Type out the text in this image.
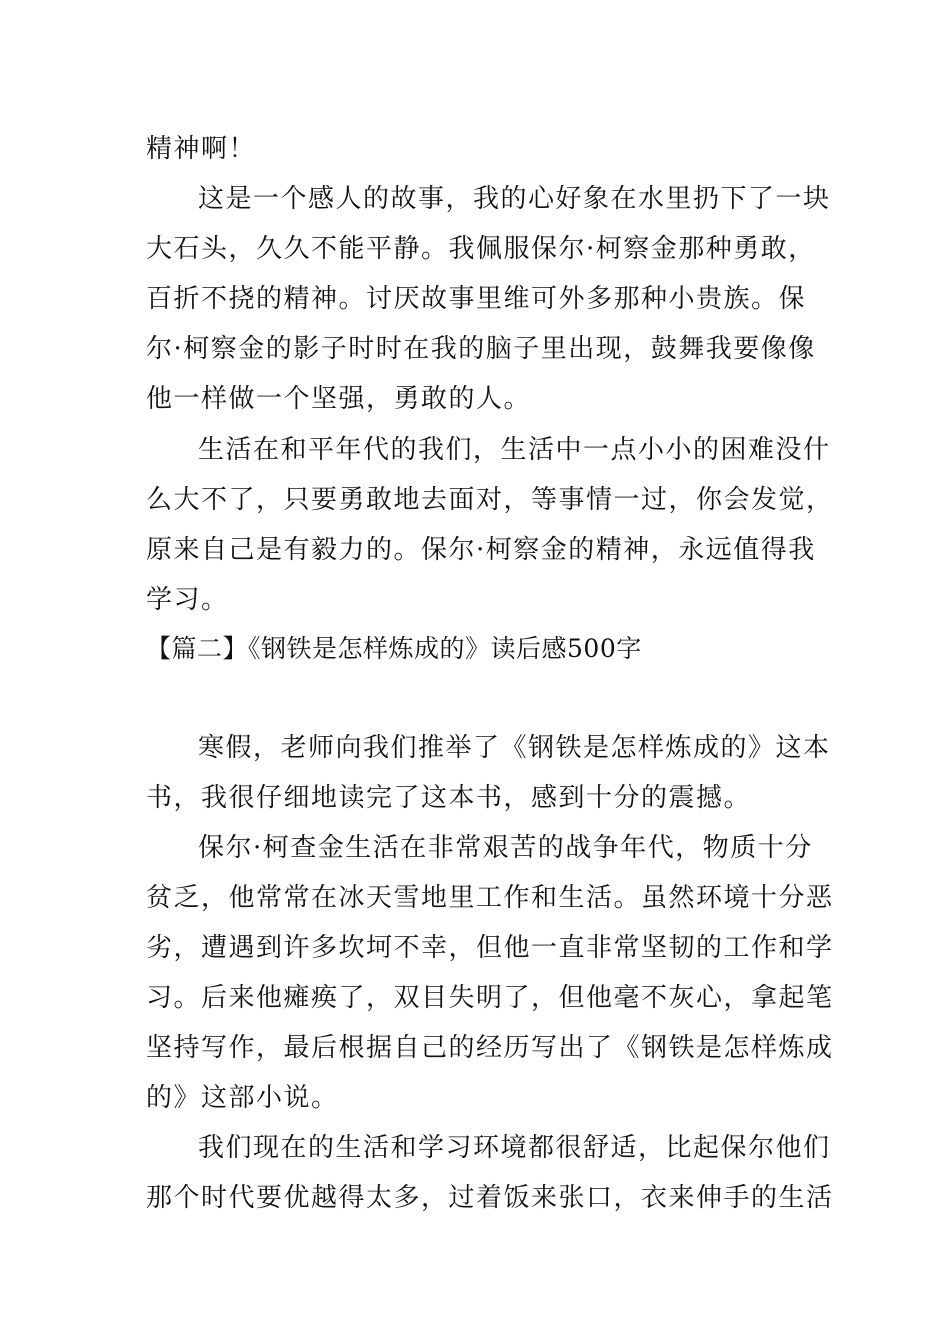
精神啊！
这是一个感人的故事，我的心好象在水里扔下了一块
大石头，久久不能平静。我佩服保尔·柯察金那种勇敢，
百折不挠的精神。讨厌故事里维可外多那种小贵族。保
尔·柯察金的影子时时在我的脑子里出现，鼓舞我要像像
他一样做一个坚强，勇敢的人。
生活在和平年代的我们，生活中一点小小的困难没什
么大不了，只要勇敢地去面对，等事情一过，你会发觉，
原来自己是有毅力的。保尔·柯察金的精神，永远值得我
学习。
【篇二】《钢铁是怎样炼成的》读后感500字
寒假，老师向我们推举了《钢铁是怎样炼成的》这本
书，我很仔细地读完了这本书，感到十分的震撼。
保尔·柯查金生活在非常艰苦的战争年代，物质十分
贫乏，他常常在冰天雪地里工作和生活。虽然环境十分恶
劣，遭遇到许多坎坷不幸，但他一直非常坚韧的工作和学
习。后来他瘫痪了，双目失明了，但他毫不灰心，拿起笔
坚持写作，最后根据自己的经历写出了《钢铁是怎样炼成
的》这部小说。
我们现在的生活和学习环境都很舒适，比起保尔他们
那个时代要优越得太多，过着饭来张口，衣来伸手的生活
